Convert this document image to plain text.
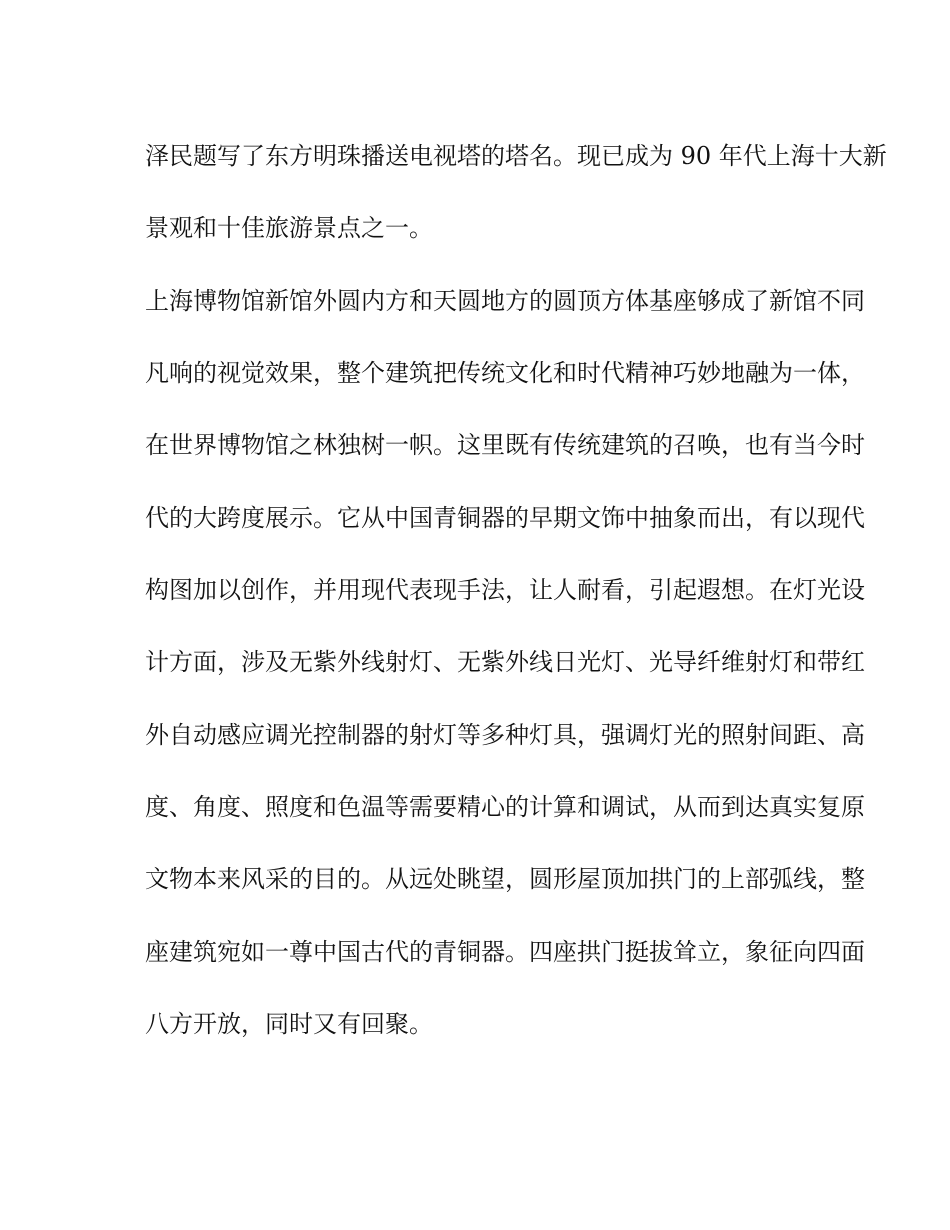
泽民题写了东方明珠播送电视塔的塔名。现已成为 90 年代上海十大新

景观和十佳旅游景点之一。

上海博物馆新馆外圆内方和天圆地方的圆顶方体基座够成了新馆不同

凡响的视觉效果，整个建筑把传统文化和时代精神巧妙地融为一体，

在世界博物馆之林独树一帜。这里既有传统建筑的召唤，也有当今时

代的大跨度展示。它从中国青铜器的早期文饰中抽象而出，有以现代

构图加以创作，并用现代表现手法，让人耐看，引起遐想。在灯光设

计方面，涉及无紫外线射灯、无紫外线日光灯、光导纤维射灯和带红

外自动感应调光控制器的射灯等多种灯具，强调灯光的照射间距、高

度、角度、照度和色温等需要精心的计算和调试，从而到达真实复原

文物本来风采的目的。从远处眺望，圆形屋顶加拱门的上部弧线，整

座建筑宛如一尊中国古代的青铜器。四座拱门挺拔耸立，象征向四面

八方开放，同时又有回聚。
